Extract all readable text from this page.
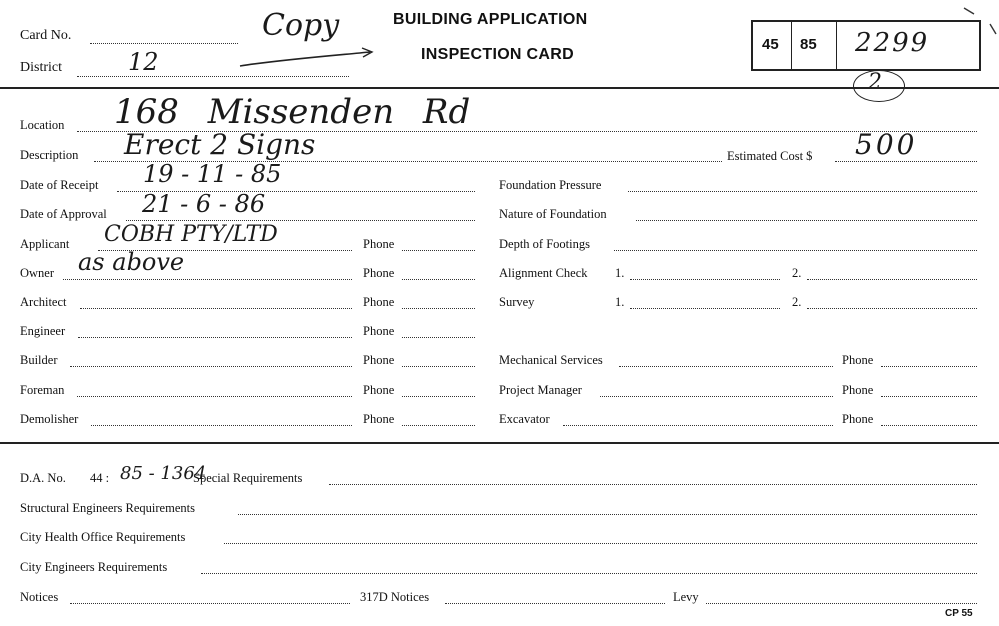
Card No.	Copy
District	12
BUILDING APPLICATION
INSPECTION CARD
45 85 2299
2
Location 168 Missenden Rd
Description Erect 2 Signs	Estimated Cost $ 500
Date of Receipt 19 - 11 - 85
Date of Approval 21 - 6 - 86
Applicant COBH PTY/LTD	Phone
Owner as above	Phone
Architect	Phone
Engineer	Phone
Builder	Phone
Foreman	Phone
Demolisher	Phone
Foundation Pressure
Nature of Foundation
Depth of Footings
Alignment Check 1.	2.
Survey	1.	2.
Mechanical Services	Phone
Project Manager	Phone
Excavator	Phone
D.A. No. 44 : 85 - 1364
Special Requirements
Structural Engineers Requirements
City Health Office Requirements
City Engineers Requirements
Notices	317D Notices	Levy
CP 55
